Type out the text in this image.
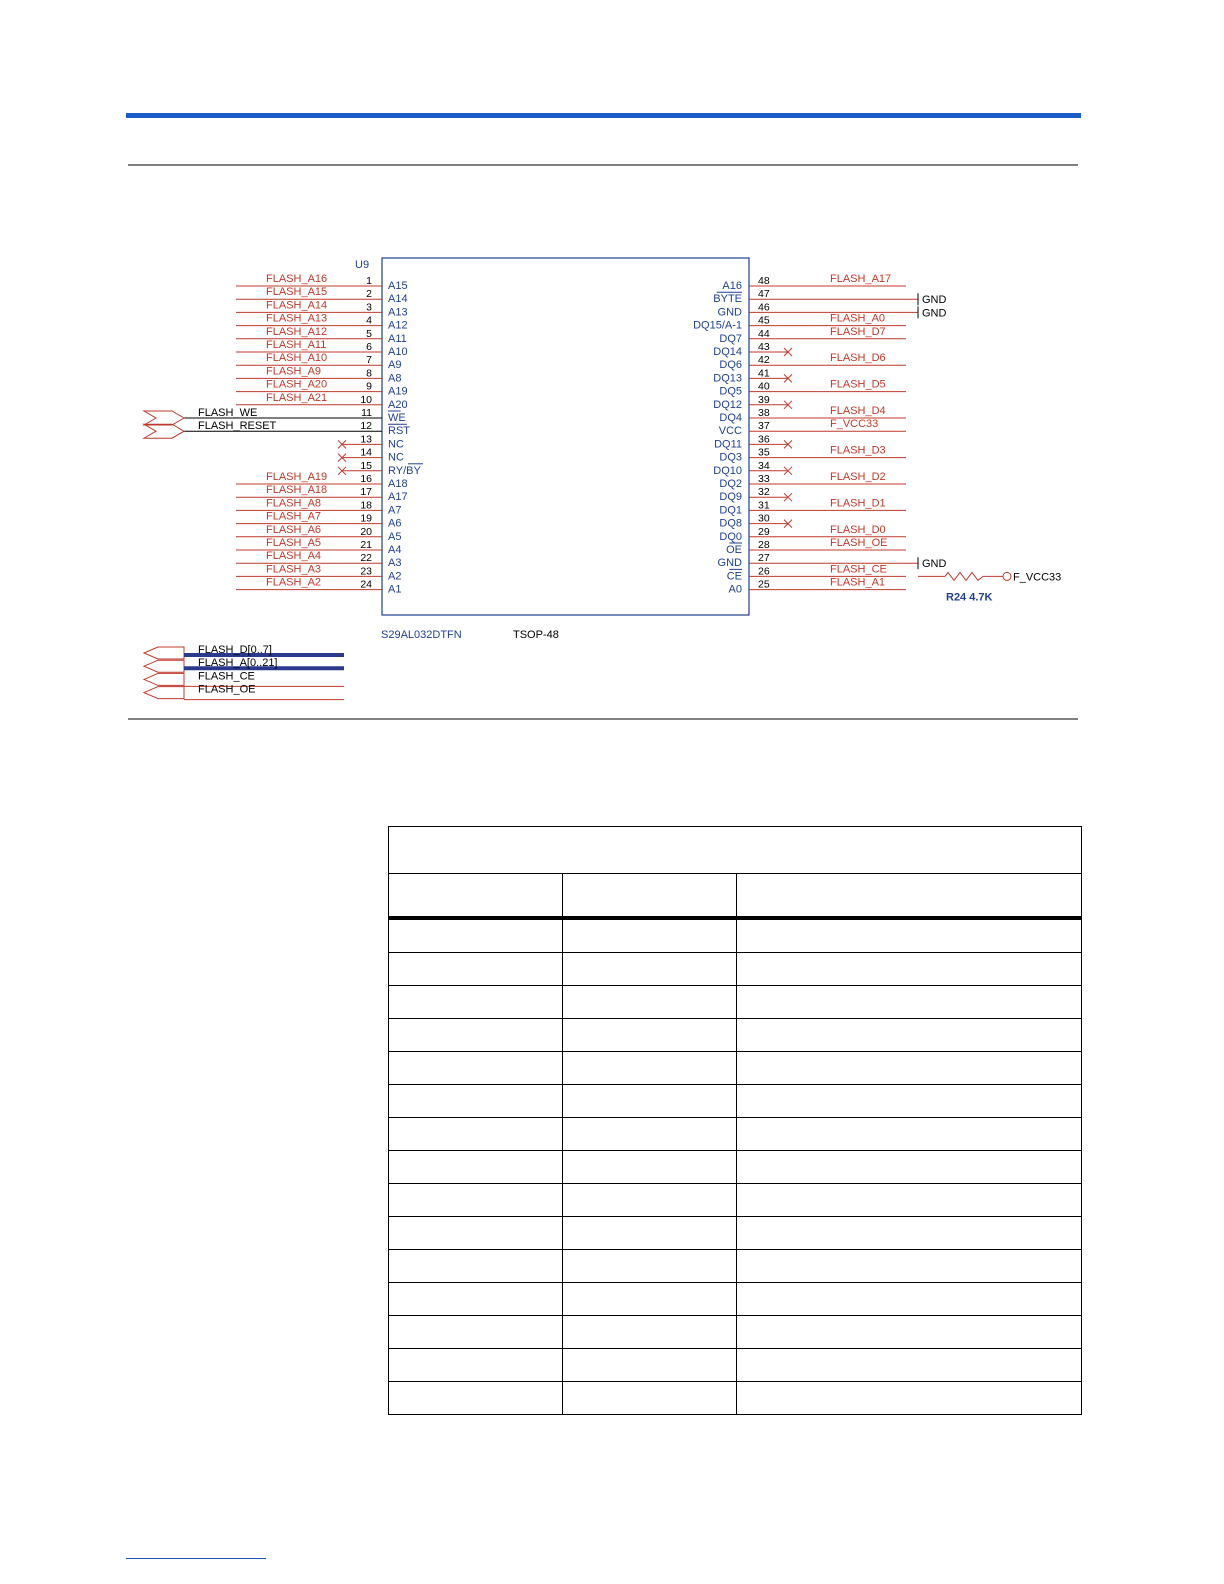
U9
S29AL032DTFN	TSOP-48
1 A15
FLASH_A16
2 A14
FLASH_A15
3 A13
FLASH_A14
4 A12
FLASH_A13
5 A11
FLASH_A12
6 A10
FLASH_A11
7 A9
FLASH_A10
8 A8
FLASH_A9
9 A19
FLASH_A20
10 A20
FLASH_A21
11 WE
FLASH_WE
12 RST
FLASH_RESET
13 NC
14 NC
15 RY/BY
16 A18
FLASH_A19
17 A17
FLASH_A18
18 A7
FLASH_A8
19 A6
FLASH_A7
20 A5
FLASH_A6
21 A4
FLASH_A5
22 A3
FLASH_A4
23 A2
FLASH_A3
24 A1
FLASH_A2
48
A16
FLASH_A17
47
BYTE	GND
46
GND	GND
45
DQ15/A-1
FLASH_A0
44
DQ7
FLASH_D7
43
DQ14
42
DQ6
FLASH_D6
41
DQ13
40
DQ5
FLASH_D5
39
DQ12
38
DQ4
FLASH_D4
37
VCC
F_VCC33
36
DQ11
35
DQ3
FLASH_D3
34
DQ10
33
DQ2
FLASH_D2
32
DQ9
31
DQ1
FLASH_D1
30
DQ8
29
DQ0
FLASH_D0
28
OE
FLASH_OE
27
GND	GND
26
CE
FLASH_CE
25
A0
FLASH_A1	F_VCC33
R24 4.7K
FLASH_D[0..7]
FLASH_A[0..21]
FLASH_CE
FLASH_OE
